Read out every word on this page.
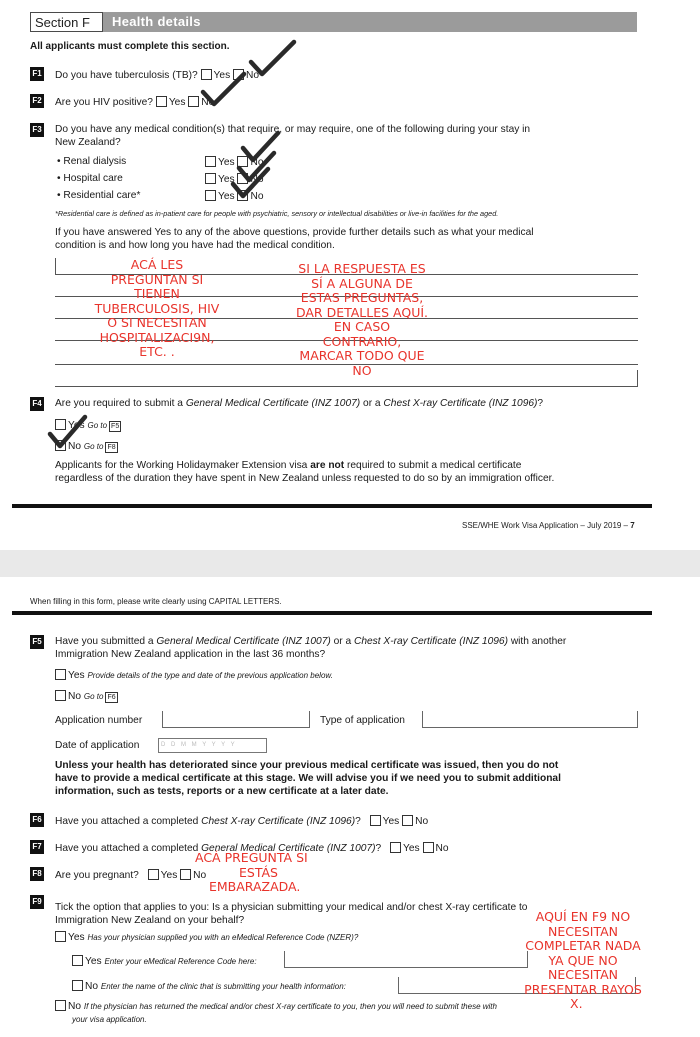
Section F	Health details
All applicants must complete this section.
F1 Do you have tuberculosis (TB)? Yes No
F2 Are you HIV positive? Yes No
F3 Do you have any medical condition(s) that require, or may require, one of the following during your stay in
New Zealand?
• Renal dialysis	Yes No
• Hospital care	Yes No
• Residential care*	Yes No
*Residential care is defined as in-patient care for people with psychiatric, sensory or intellectual disabilities or live-in facilities for the aged.
If you have answered Yes to any of the above questions, provide further details such as what your medical
condition is and how long you have had the medical condition.
ACÁ LES
PREGUNTAN SI
TIENEN
TUBERCULOSIS, HIV
O SI NECESITAN
HOSPITALIZACI9N,
ETC. .
SI LA RESPUESTA ES
SÍ A ALGUNA DE
ESTAS PREGUNTAS,
DAR DETALLES AQUÍ.
EN CASO
CONTRARIO,
MARCAR TODO QUE
NO
F4 Are you required to submit a General Medical Certificate (INZ 1007) or a Chest X-ray Certificate (INZ 1096)?
Yes Go to F5
No Go to F8
Applicants for the Working Holidaymaker Extension visa are not required to submit a medical certificate
regardless of the duration they have spent in New Zealand unless requested to do so by an immigration officer.
SSE/WHE Work Visa Application – July 2019 – 7
When filling in this form, please write clearly using CAPITAL LETTERS.
F5 Have you submitted a General Medical Certificate (INZ 1007) or a Chest X-ray Certificate (INZ 1096) with another
Immigration New Zealand application in the last 36 months?
Yes Provide details of the type and date of the previous application below.
No Go to F6
Application number	Type of application
Date of application	D D M M Y Y Y Y
Unless your health has deteriorated since your previous medical certificate was issued, then you do not
have to provide a medical certificate at this stage. We will advise you if we need you to submit additional
information, such as tests, reports or a new certificate at a later date.
F6 Have you attached a completed Chest X-ray Certificate (INZ 1096)? Yes No
F7 Have you attached a completed General Medical Certificate (INZ 1007)? Yes No
F8 Are you pregnant? Yes No
ACÁ PREGUNTA SI
ESTÁS
EMBARAZADA.
F9
Tick the option that applies to you: Is a physician submitting your medical and/or chest X-ray certificate to
Immigration New Zealand on your behalf?
Yes Has your physician supplied you with an eMedical Reference Code (NZER)?
Yes Enter your eMedical Reference Code here:
No Enter the name of the clinic that is submitting your health information:
No If the physician has returned the medical and/or chest X-ray certificate to you, then you will need to submit these with
your visa application.
AQUÍ EN F9 NO
NECESITAN
COMPLETAR NADA
YA QUE NO
NECESITAN
PRESENTAR RAYOS
X.
